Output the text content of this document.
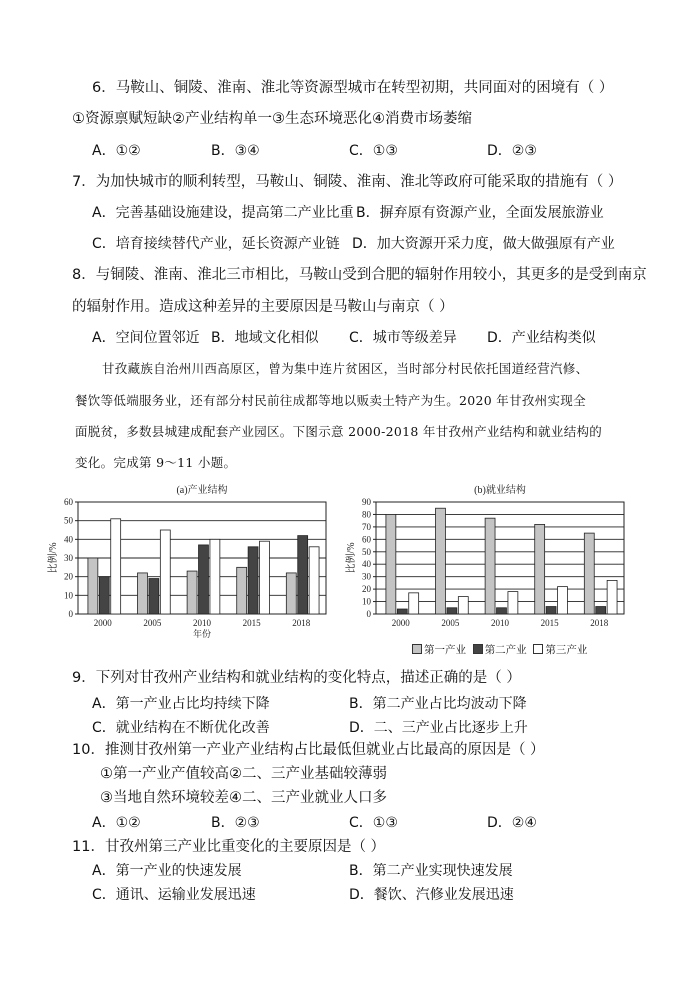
6．马鞍山、铜陵、淮南、淮北等资源型城市在转型初期，共同面对的困境有（ ）
①资源禀赋短缺②产业结构单一③生态环境恶化④消费市场萎缩
A．①②	B．③④	C．①③	D．②③
7．为加快城市的顺利转型，马鞍山、铜陵、淮南、淮北等政府可能采取的措施有（ ）
A．完善基础设施建设，提高第二产业比重 B．摒弃原有资源产业，全面发展旅游业
C．培育接续替代产业，延长资源产业链 D．加大资源开采力度，做大做强原有产业
8．与铜陵、淮南、淮北三市相比，马鞍山受到合肥的辐射作用较小，其更多的是受到南京
的辐射作用。造成这种差异的主要原因是马鞍山与南京（ ）
A．空间位置邻近 B．地域文化相似 C．城市等级差异 D．产业结构类似
甘孜藏族自治州川西高原区，曾为集中连片贫困区，当时部分村民依托国道经营汽修、
餐饮等低端服务业，还有部分村民前往成都等地以贩卖土特产为生。2020 年甘孜州实现全
面脱贫，多数县城建成配套产业园区。下图示意 2000-2018 年甘孜州产业结构和就业结构的
变化。完成第 9～11 小题。
(a)产业结构
0
10
20
30
40
50
60
比例/%
2000	2005	2010	2015	2018
年份
(b)就业结构
0
10
20
30
40
50
60
70
80
90
比例/%
2000	2005	2010	2015	2018
第一产业 第二产业 第三产业
9．下列对甘孜州产业结构和就业结构的变化特点，描述正确的是（ ）
A．第一产业占比均持续下降	B．第二产业占比均波动下降
C．就业结构在不断优化改善	D．二、三产业占比逐步上升
10．推测甘孜州第一产业产业结构占比最低但就业占比最高的原因是（ ）
①第一产业产值较高②二、三产业基础较薄弱
③当地自然环境较差④二、三产业就业人口多
A．①②	B．②③	C．①③	D．②④
11．甘孜州第三产业比重变化的主要原因是（ ）
A．第一产业的快速发展	B．第二产业实现快速发展
C．通讯、运输业发展迅速	D．餐饮、汽修业发展迅速
